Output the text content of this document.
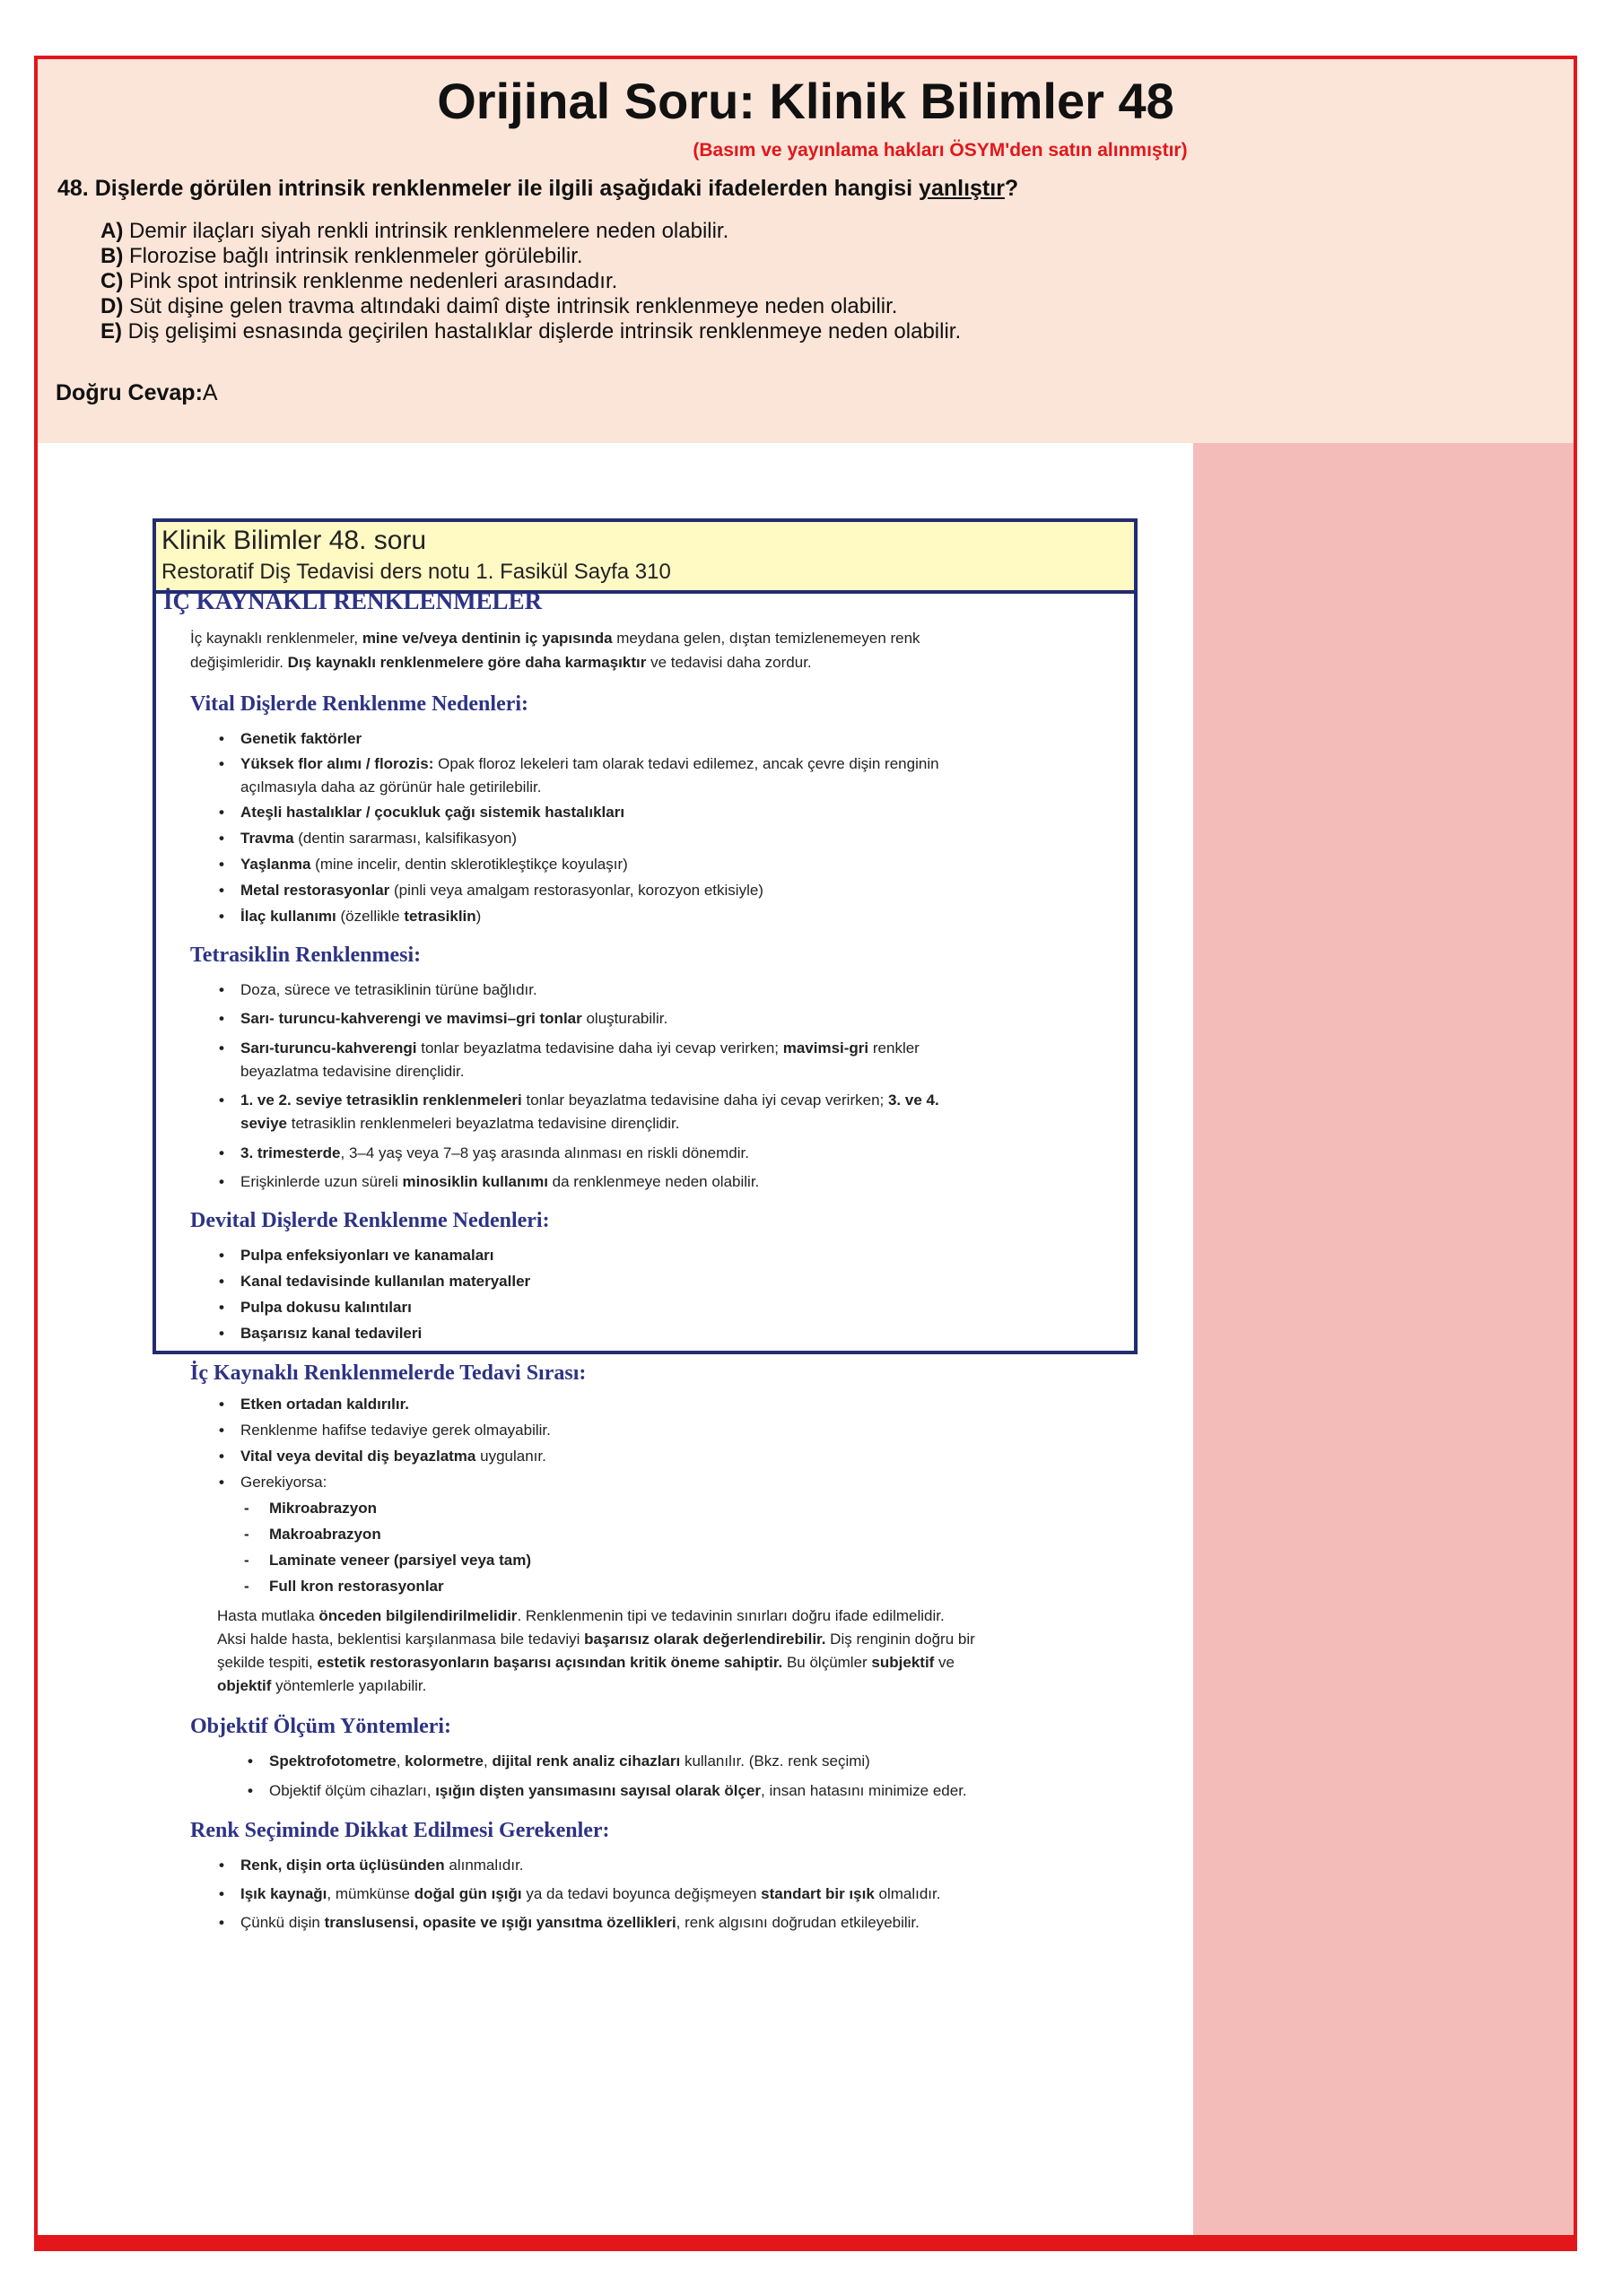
Orijinal Soru: Klinik Bilimler 48
(Basım ve yayınlama hakları ÖSYM'den satın alınmıştır)
48. Dişlerde görülen intrinsik renklenmeler ile ilgili aşağıdaki ifadelerden hangisi yanlıştır?
A) Demir ilaçları siyah renkli intrinsik renklenmelere neden olabilir.
B) Florozise bağlı intrinsik renklenmeler görülebilir.
C) Pink spot intrinsik renklenme nedenleri arasındadır.
D) Süt dişine gelen travma altındaki daimî dişte intrinsik renklenmeye neden olabilir.
E) Diş gelişimi esnasında geçirilen hastalıklar dişlerde intrinsik renklenmeye neden olabilir.
Doğru Cevap:A
Klinik Bilimler 48. soru
Restoratif Diş Tedavisi ders notu 1. Fasikül Sayfa 310
İÇ KAYNAKLI RENKLENMELER
İç kaynaklı renklenmeler, mine ve/veya dentinin iç yapısında meydana gelen, dıştan temizlenemeyen renk
değişimleridir. Dış kaynaklı renklenmelere göre daha karmaşıktır ve tedavisi daha zordur.
Vital Dişlerde Renklenme Nedenleri:
• Genetik faktörler
• Yüksek flor alımı / florozis: Opak floroz lekeleri tam olarak tedavi edilemez, ancak çevre dişin renginin
açılmasıyla daha az görünür hale getirilebilir.
• Ateşli hastalıklar / çocukluk çağı sistemik hastalıkları
• Travma (dentin sararması, kalsifikasyon)
• Yaşlanma (mine incelir, dentin sklerotikleştikçe koyulaşır)
• Metal restorasyonlar (pinli veya amalgam restorasyonlar, korozyon etkisiyle)
• İlaç kullanımı (özellikle tetrasiklin)
Tetrasiklin Renklenmesi:
• Doza, sürece ve tetrasiklinin türüne bağlıdır.
• Sarı- turuncu-kahverengi ve mavimsi–gri tonlar oluşturabilir.
• Sarı-turuncu-kahverengi tonlar beyazlatma tedavisine daha iyi cevap verirken; mavimsi-gri renkler
beyazlatma tedavisine dirençlidir.
• 1. ve 2. seviye tetrasiklin renklenmeleri tonlar beyazlatma tedavisine daha iyi cevap verirken; 3. ve 4.
seviye tetrasiklin renklenmeleri beyazlatma tedavisine dirençlidir.
• 3. trimesterde, 3–4 yaş veya 7–8 yaş arasında alınması en riskli dönemdir.
• Erişkinlerde uzun süreli minosiklin kullanımı da renklenmeye neden olabilir.
Devital Dişlerde Renklenme Nedenleri:
• Pulpa enfeksiyonları ve kanamaları
• Kanal tedavisinde kullanılan materyaller
• Pulpa dokusu kalıntıları
• Başarısız kanal tedavileri
İç Kaynaklı Renklenmelerde Tedavi Sırası:
• Etken ortadan kaldırılır.
• Renklenme hafifse tedaviye gerek olmayabilir.
• Vital veya devital diş beyazlatma uygulanır.
• Gerekiyorsa:
- Mikroabrazyon
- Makroabrazyon
- Laminate veneer (parsiyel veya tam)
- Full kron restorasyonlar
Hasta mutlaka önceden bilgilendirilmelidir. Renklenmenin tipi ve tedavinin sınırları doğru ifade edilmelidir.
Aksi halde hasta, beklentisi karşılanmasa bile tedaviyi başarısız olarak değerlendirebilir. Diş renginin doğru bir
şekilde tespiti, estetik restorasyonların başarısı açısından kritik öneme sahiptir. Bu ölçümler subjektif ve
objektif yöntemlerle yapılabilir.
Objektif Ölçüm Yöntemleri:
• Spektrofotometre, kolormetre, dijital renk analiz cihazları kullanılır. (Bkz. renk seçimi)
• Objektif ölçüm cihazları, ışığın dişten yansımasını sayısal olarak ölçer, insan hatasını minimize eder.
Renk Seçiminde Dikkat Edilmesi Gerekenler:
• Renk, dişin orta üçlüsünden alınmalıdır.
• Işık kaynağı, mümkünse doğal gün ışığı ya da tedavi boyunca değişmeyen standart bir ışık olmalıdır.
• Çünkü dişin translusensi, opasite ve ışığı yansıtma özellikleri, renk algısını doğrudan etkileyebilir.
